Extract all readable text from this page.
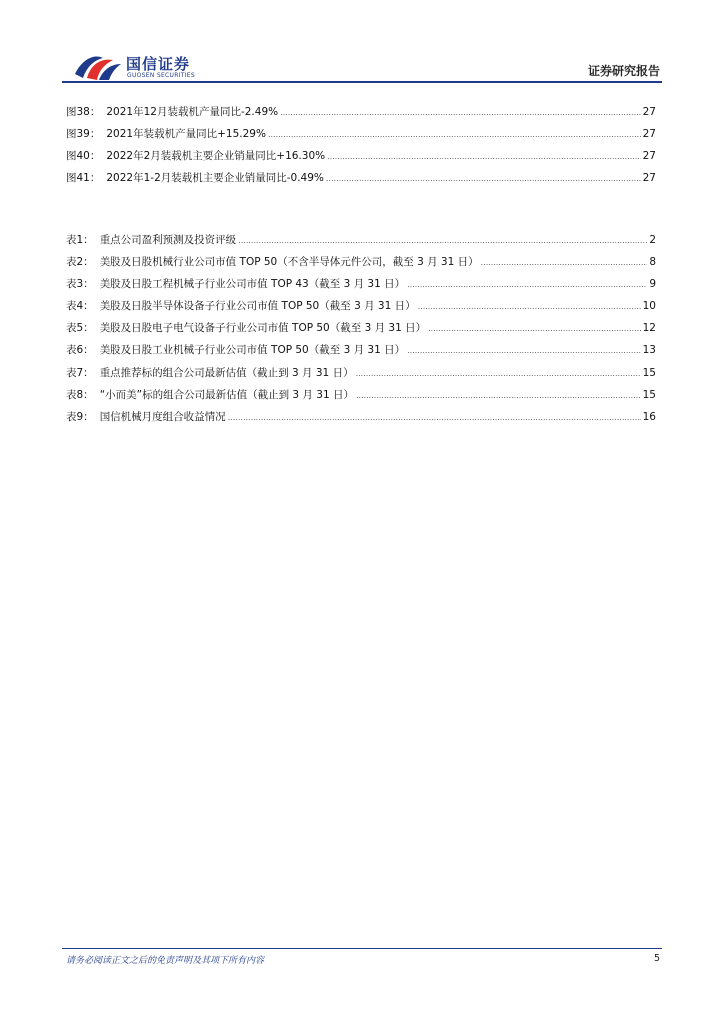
国信证券
GUOSEN SECURITIES	证券研究报告
图38： 2021年12月装载机产量同比-2.49% .....	27
图39： 2021年装载机产量同比+15.29% .....	27
图40： 2022年2月装载机主要企业销量同比+16.30% .....	27
图41： 2022年1-2月装载机主要企业销量同比-0.49% .....	27
表1： 重点公司盈利预测及投资评级 .....	2
表2： 美股及日股机械行业公司市值 TOP 50（不含半导体元件公司，截至 3 月 31 日） .....	8
表3： 美股及日股工程机械子行业公司市值 TOP 43（截至 3 月 31 日） .....	9
表4： 美股及日股半导体设备子行业公司市值 TOP 50（截至 3 月 31 日） .....	10
表5： 美股及日股电子电气设备子行业公司市值 TOP 50（截至 3 月 31 日） .....	12
表6： 美股及日股工业机械子行业公司市值 TOP 50（截至 3 月 31 日） .....	13
表7： 重点推荐标的组合公司最新估值（截止到 3 月 31 日） .....	15
表8： “小而美”标的组合公司最新估值（截止到 3 月 31 日） .....	15
表9： 国信机械月度组合收益情况 .....	16
请务必阅读正文之后的免责声明及其项下所有内容	5
